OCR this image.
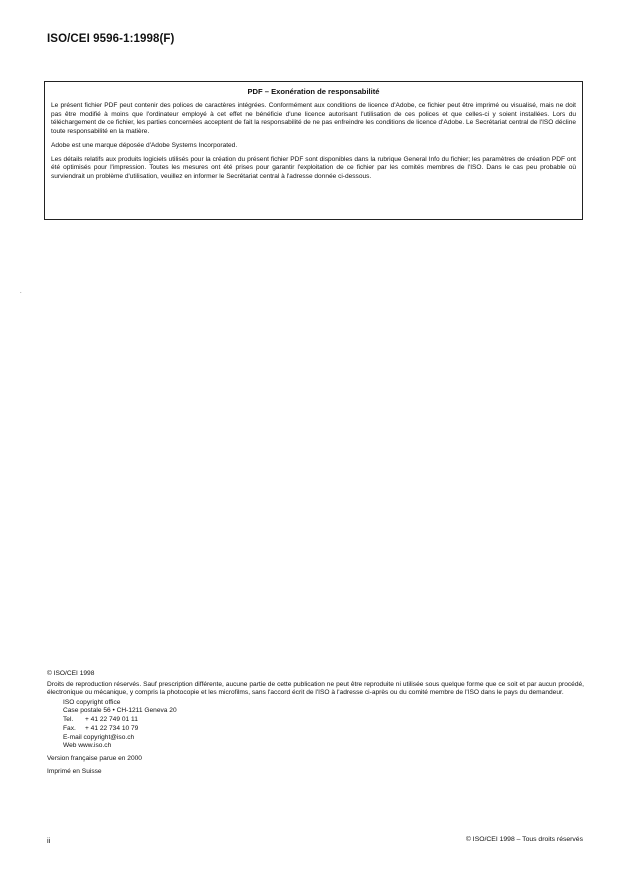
ISO/CEI 9596-1:1998(F)
PDF – Exonération de responsabilité

Le présent fichier PDF peut contenir des polices de caractères intégrées. Conformément aux conditions de licence d'Adobe, ce fichier peut être imprimé ou visualisé, mais ne doit pas être modifié à moins que l'ordinateur employé à cet effet ne bénéficie d'une licence autorisant l'utilisation de ces polices et que celles-ci y soient installées. Lors du téléchargement de ce fichier, les parties concernées acceptent de fait la responsabilité de ne pas enfreindre les conditions de licence d'Adobe. Le Secrétariat central de l'ISO décline toute responsabilité en la matière.

Adobe est une marque déposée d'Adobe Systems Incorporated.

Les détails relatifs aux produits logiciels utilisés pour la création du présent fichier PDF sont disponibles dans la rubrique General Info du fichier; les paramètres de création PDF ont été optimisés pour l'impression. Toutes les mesures ont été prises pour garantir l'exploitation de ce fichier par les comités membres de l'ISO. Dans le cas peu probable où surviendrait un problème d'utilisation, veuillez en informer le Secrétariat central à l'adresse donnée ci-dessous.

.

© ISO/CEI 1998

Droits de reproduction réservés. Sauf prescription différente, aucune partie de cette publication ne peut être reproduite ni utilisée sous quelque forme que ce soit et par aucun procédé, électronique ou mécanique, y compris la photocopie et les microfilms, sans l'accord écrit de l'ISO à l'adresse ci-après ou du comité membre de l'ISO dans le pays du demandeur.

ISO copyright office
Case postale 56 • CH-1211 Geneva 20
Tel.	+ 41 22 749 01 11
Fax.	+ 41 22 734 10 79
E-mail copyright@iso.ch
Web www.iso.ch

Version française parue en 2000

Imprimé en Suisse

ii	© ISO/CEI 1998 – Tous droits réservés
